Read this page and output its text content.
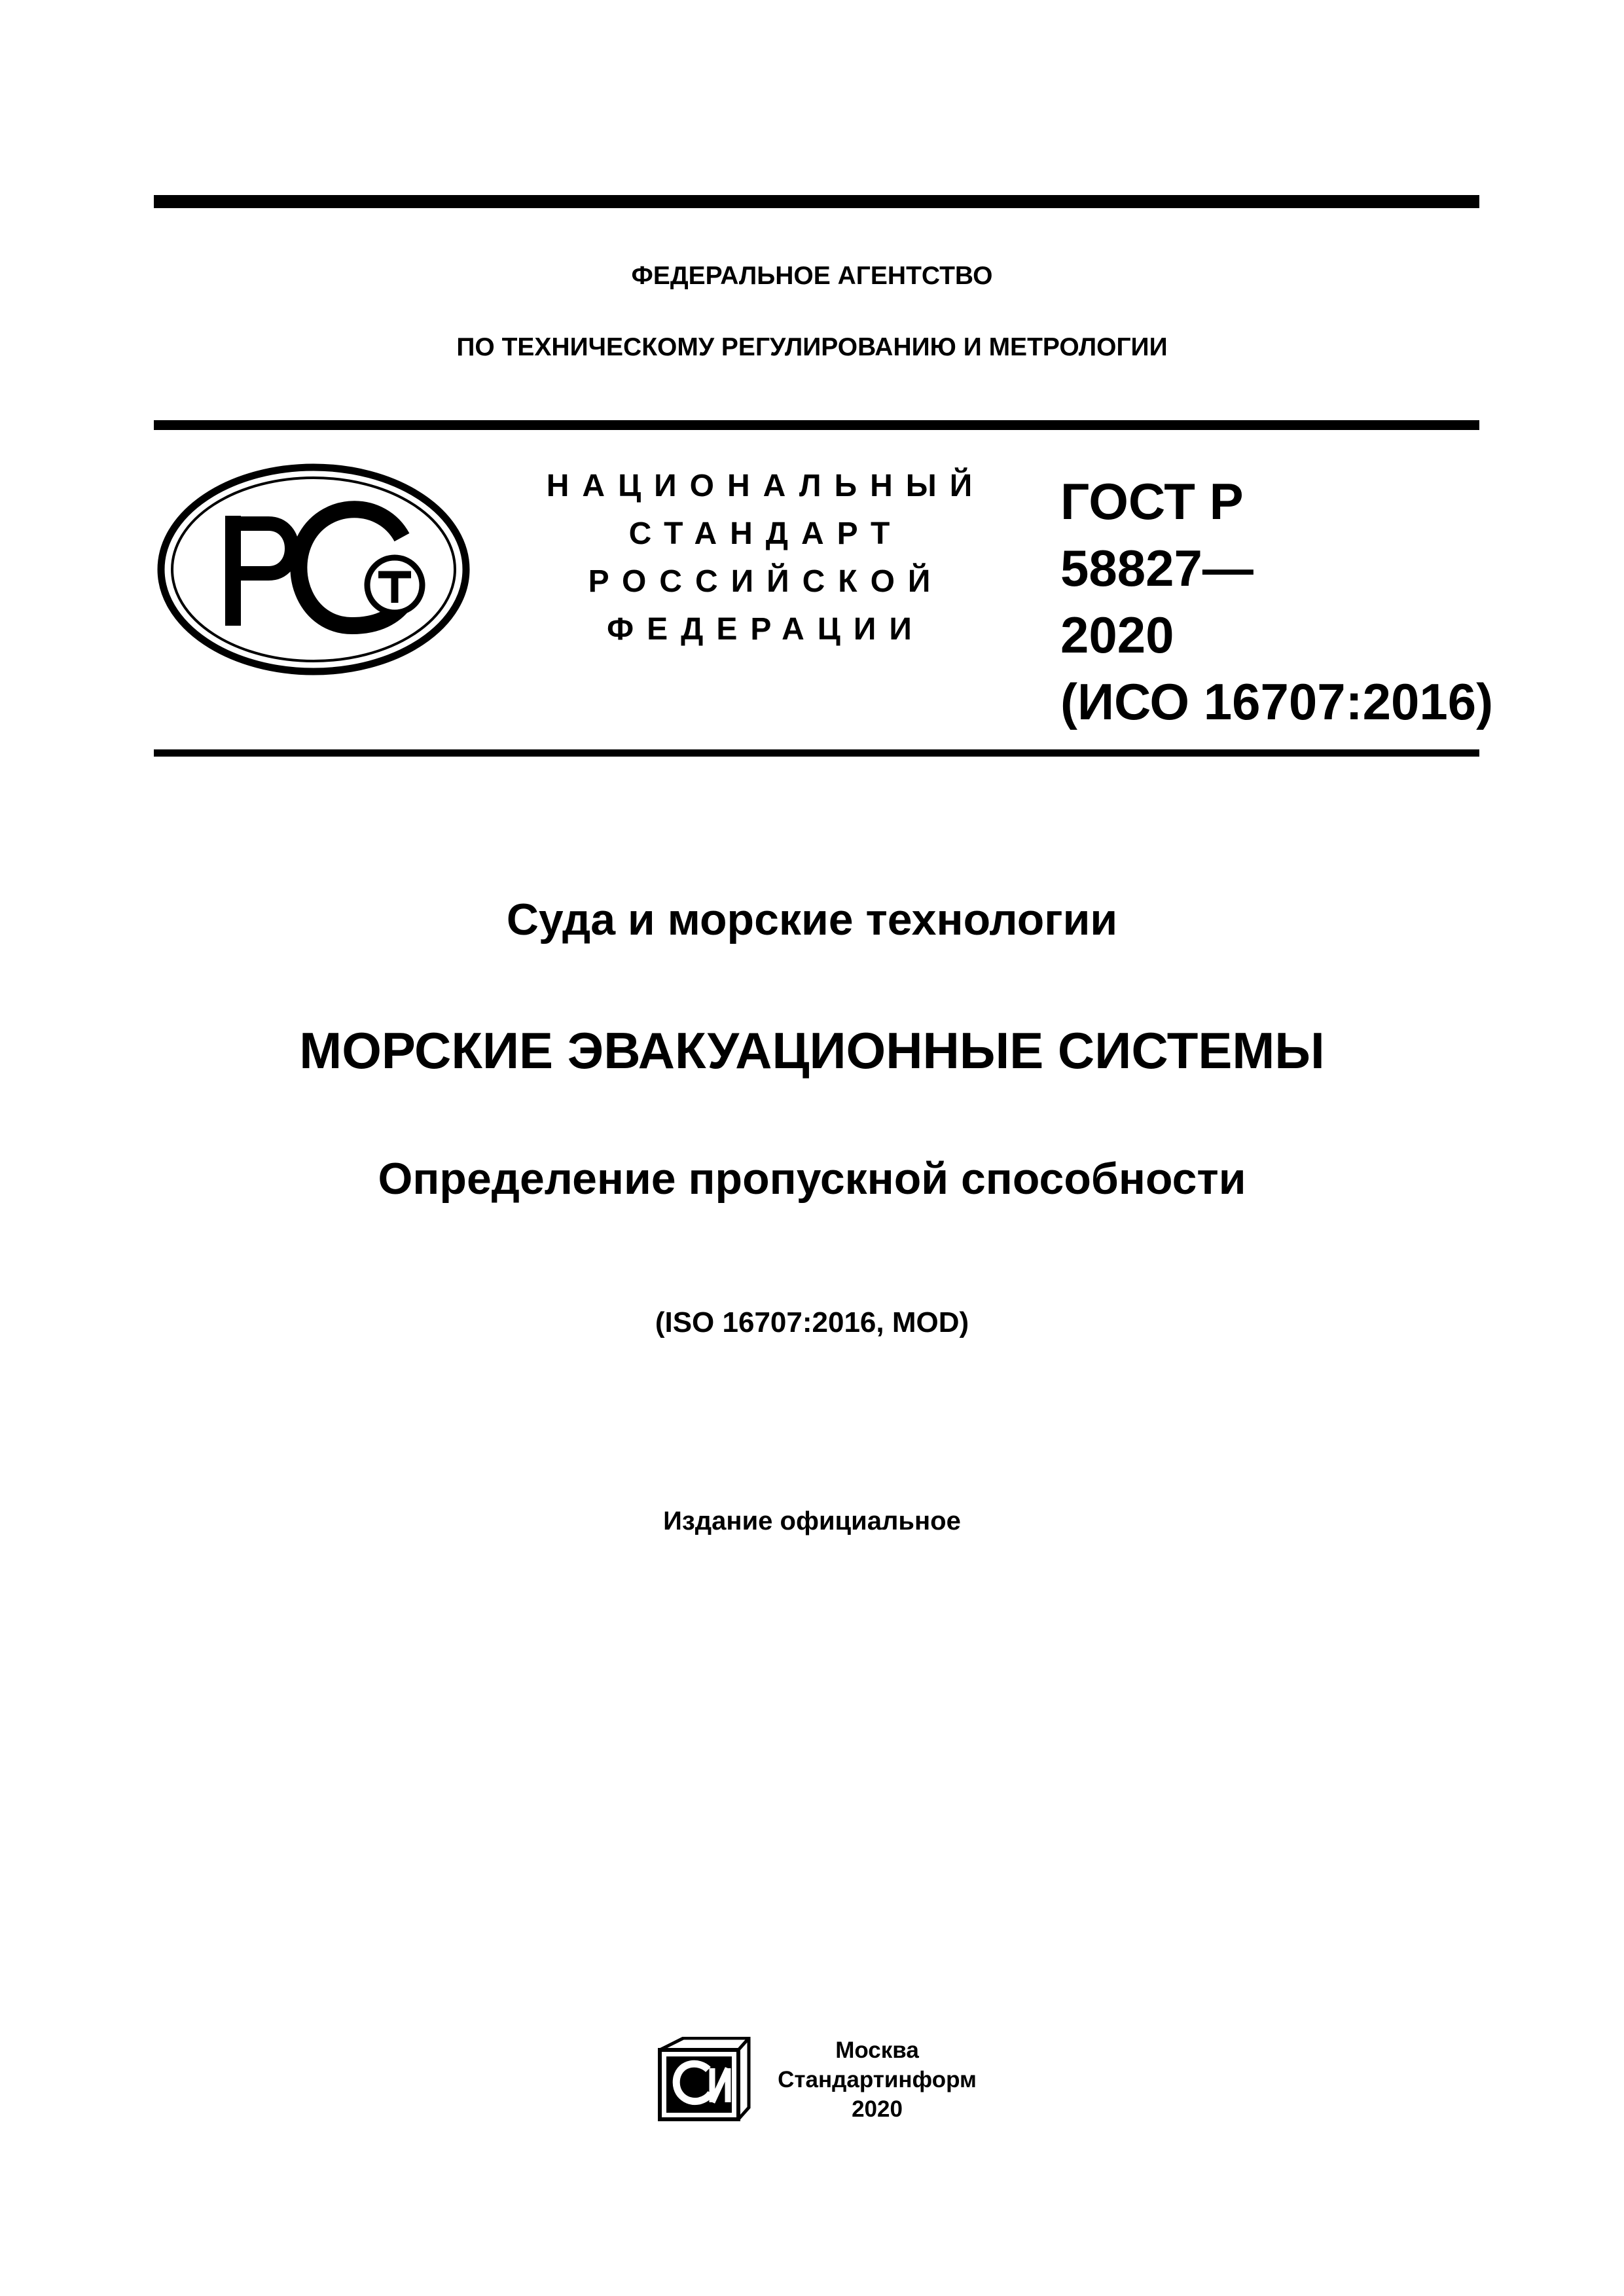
ФЕДЕРАЛЬНОЕ АГЕНТСТВО
ПО ТЕХНИЧЕСКОМУ РЕГУЛИРОВАНИЮ И МЕТРОЛОГИИ
НАЦИОНАЛЬНЫЙ
СТАНДАРТ
РОССИЙСКОЙ
ФЕДЕРАЦИИ
ГОСТ Р
58827—
2020
(ИСО 16707:2016)
Суда и морские технологии
МОРСКИЕ ЭВАКУАЦИОННЫЕ СИСТЕМЫ
Определение пропускной способности
(ISO 16707:2016, MOD)
Издание официальное
Москва
Стандартинформ
2020
